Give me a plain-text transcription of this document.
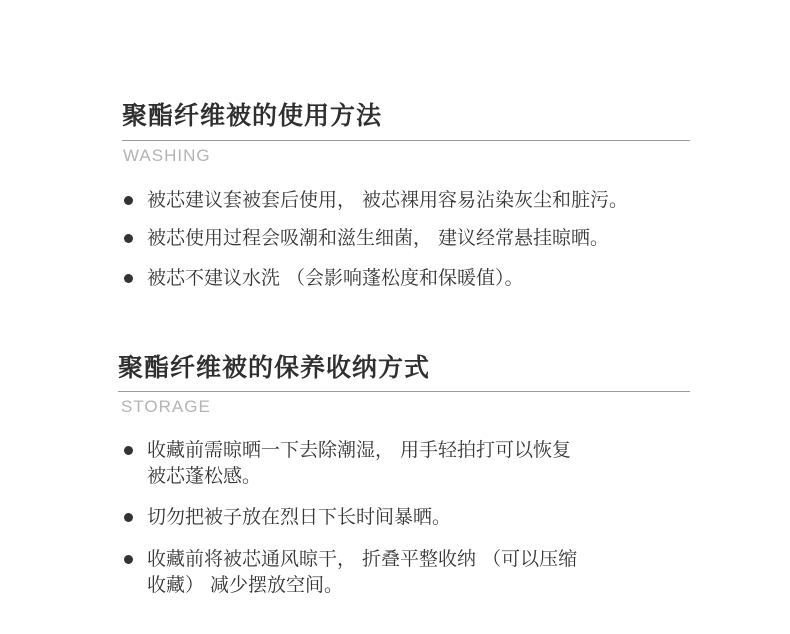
聚酯纤维被的使用方法
WASHING
被芯建议套被套后使用， 被芯裸用容易沾染灰尘和脏污。
被芯使用过程会吸潮和滋生细菌， 建议经常悬挂晾晒。
被芯不建议水洗 （会影响蓬松度和保暖值）。
聚酯纤维被的保养收纳方式
STORAGE
收藏前需晾晒一下去除潮湿， 用手轻拍打可以恢复
被芯蓬松感。
切勿把被子放在烈日下长时间暴晒。
收藏前将被芯通风晾干， 折叠平整收纳 （可以压缩
收藏） 减少摆放空间。
